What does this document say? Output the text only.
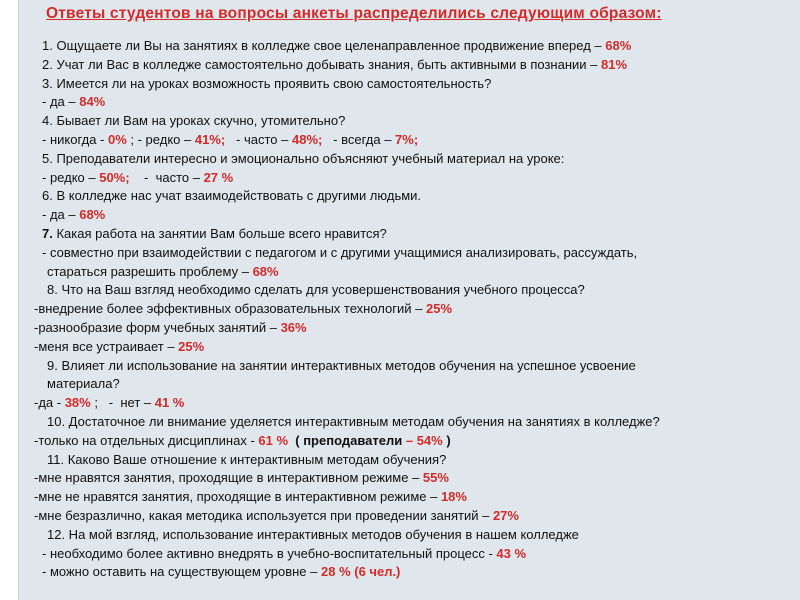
Ответы студентов на вопросы анкеты распределились следующим образом:
1. Ощущаете ли Вы на занятиях в колледже свое целенаправленное продвижение вперед – 68%
2. Учат ли Вас в колледже самостоятельно добывать знания, быть активными в познании – 81%
3. Имеется ли на уроках возможность проявить свою самостоятельность?
- да – 84%
4. Бывает ли Вам на уроках скучно, утомительно?
- никогда - 0% ; - редко – 41%;   - часто – 48%;   - всегда – 7%;
5. Преподаватели интересно и эмоционально объясняют учебный материал на уроке:
- редко – 50%;    -  часто – 27 %
6. В колледже нас учат взаимодействовать с другими людьми.
- да – 68%
7. Какая работа на занятии Вам больше всего нравится?
- совместно при взаимодействии с педагогом и с другими учащимися анализировать, рассуждать,
стараться разрешить проблему – 68%
8. Что на Ваш взгляд необходимо сделать для усовершенствования учебного процесса?
-внедрение более эффективных образовательных технологий – 25%
-разнообразие форм учебных занятий – 36%
-меня все устраивает – 25%
9. Влияет ли использование на занятии интерактивных методов обучения на успешное усвоение
материала?
-да - 38% ;   -  нет – 41 %
10. Достаточное ли внимание уделяется интерактивным методам обучения на занятиях в колледже?
-только на отдельных дисциплинах - 61 %  ( преподаватели – 54% )
11. Каково Ваше отношение к интерактивным методам обучения?
-мне нравятся занятия, проходящие в интерактивном режиме – 55%
-мне не нравятся занятия, проходящие в интерактивном режиме – 18%
-мне безразлично, какая методика используется при проведении занятий – 27%
12. На мой взгляд, использование интерактивных методов обучения в нашем колледже
- необходимо более активно внедрять в учебно-воспитательный процесс - 43 %
- можно оставить на существующем уровне – 28 % (6 чел.)
